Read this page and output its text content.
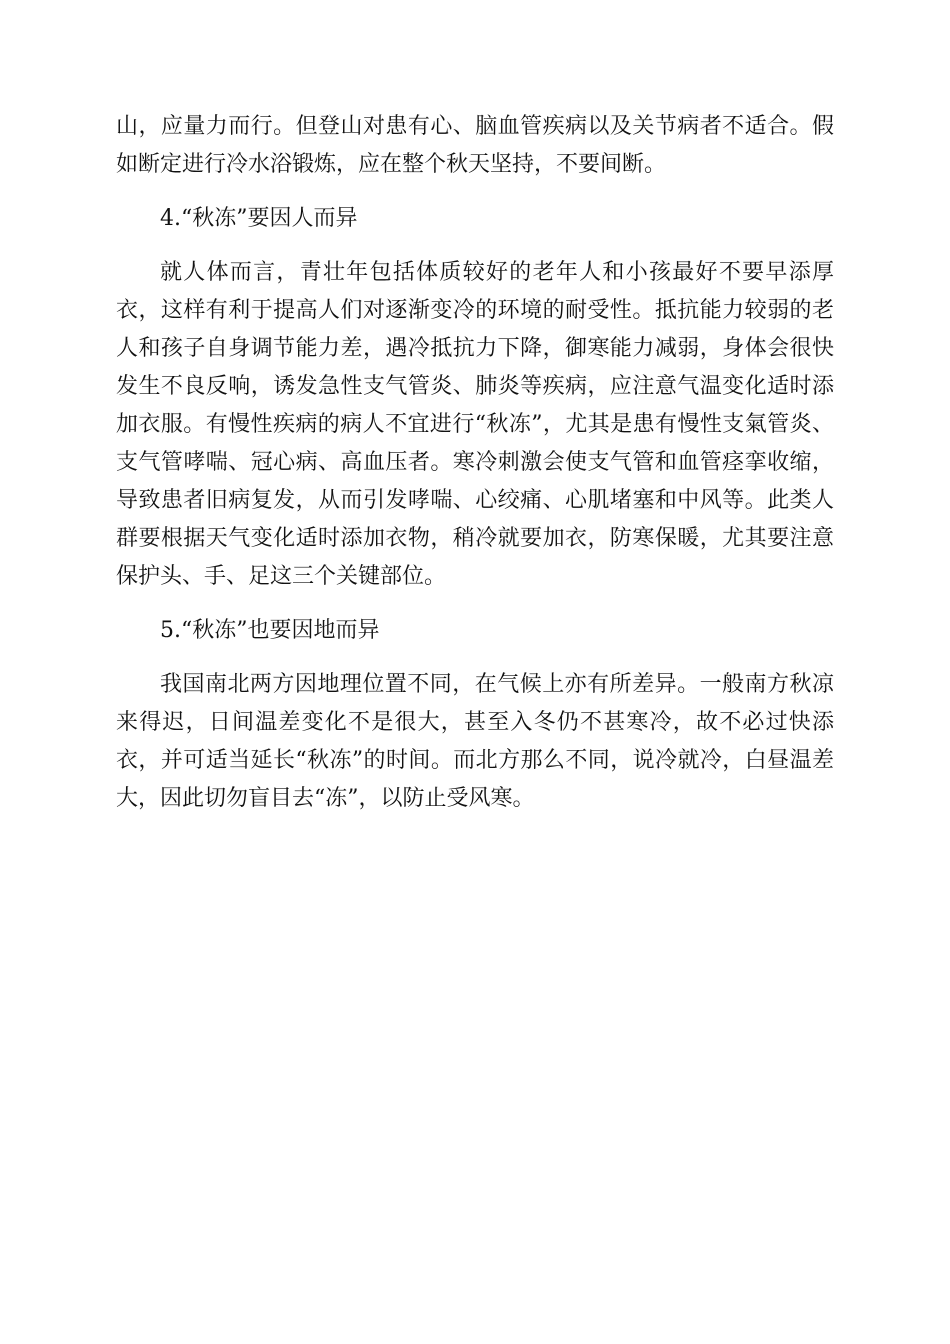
山，应量力而行。但登山对患有心、脑血管疾病以及关节病者不适合。假如断定进行冷水浴锻炼，应在整个秋天坚持，不要间断。

4.“秋冻”要因人而异

就人体而言，青壮年包括体质较好的老年人和小孩最好不要早添厚衣，这样有利于提高人们对逐渐变冷的环境的耐受性。抵抗能力较弱的老人和孩子自身调节能力差，遇冷抵抗力下降，御寒能力减弱，身体会很快发生不良反响，诱发急性支气管炎、肺炎等疾病，应注意气温变化适时添加衣服。有慢性疾病的病人不宜进行“秋冻”，尤其是患有慢性支氣管炎、支气管哮喘、冠心病、高血压者。寒冷刺激会使支气管和血管痉挛收缩，导致患者旧病复发，从而引发哮喘、心绞痛、心肌堵塞和中风等。此类人群要根据天气变化适时添加衣物，稍冷就要加衣，防寒保暖，尤其要注意保护头、手、足这三个关键部位。

5.“秋冻”也要因地而异

我国南北两方因地理位置不同，在气候上亦有所差异。一般南方秋凉来得迟，日间温差变化不是很大，甚至入冬仍不甚寒冷，故不必过快添衣，并可适当延长“秋冻”的时间。而北方那么不同，说冷就冷，白昼温差大，因此切勿盲目去“冻”，以防止受风寒。
